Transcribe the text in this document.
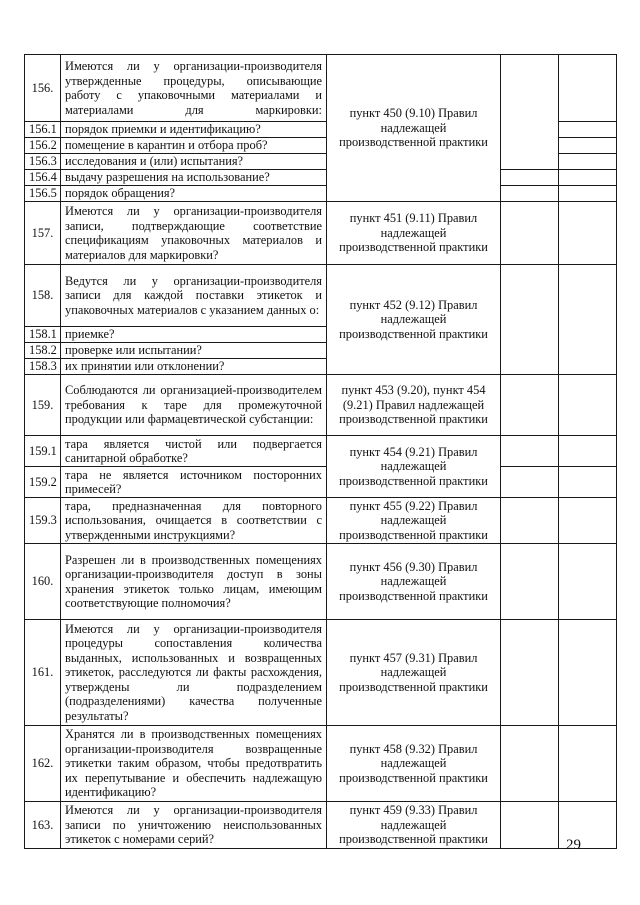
156.	Имеются ли у организации-производителя утвержденные процедуры, описывающие работу с упаковочными материалами и материалами для маркировки:	пункт 450 (9.10) Правил надлежащей производственной практики		
156.1	порядок приемки и идентификацию?			
156.2	помещение в карантин и отбора проб?			
156.3	исследования и (или) испытания?			
156.4	выдачу разрешения на использование?			
156.5	порядок обращения?			
157.	Имеются ли у организации-производителя записи, подтверждающие соответствие спецификациям упаковочных материалов и материалов для маркировки?	пункт 451 (9.11) Правил надлежащей производственной практики		
158.	Ведутся ли у организации-производителя записи для каждой поставки этикеток и упаковочных материалов с указанием данных о:	пункт 452 (9.12) Правил надлежащей производственной практики		
158.1	приемке?			
158.2	проверке или испытании?			
158.3	их принятии или отклонении?			
159.	Соблюдаются ли организацией-производителем требования к таре для промежуточной продукции или фармацевтической субстанции:	пункт 453 (9.20), пункт 454 (9.21) Правил надлежащей производственной практики		
159.1	тара является чистой или подвергается санитарной обработке?	пункт 454 (9.21) Правил надлежащей производственной практики		
159.2	тара не является источником посторонних примесей?			
159.3	тара, предназначенная для повторного использования, очищается в соответствии с утвержденными инструкциями?	пункт 455 (9.22) Правил надлежащей производственной практики		
160.	Разрешен ли в производственных помещениях организации-производителя доступ в зоны хранения этикеток только лицам, имеющим соответствующие полномочия?	пункт 456 (9.30) Правил надлежащей производственной практики		
161.	Имеются ли у организации-производителя процедуры сопоставления количества выданных, использованных и возвращенных этикеток, расследуются ли факты расхождения, утверждены ли подразделением (подразделениями) качества полученные результаты?	пункт 457 (9.31) Правил надлежащей производственной практики		
162.	Хранятся ли в производственных помещениях организации-производителя возвращенные этикетки таким образом, чтобы предотвратить их перепутывание и обеспечить надлежащую идентификацию?	пункт 458 (9.32) Правил надлежащей производственной практики		
163.	Имеются ли у организации-производителя записи по уничтожению неиспользованных этикеток с номерами серий?	пункт 459 (9.33) Правил надлежащей производственной практики			29
